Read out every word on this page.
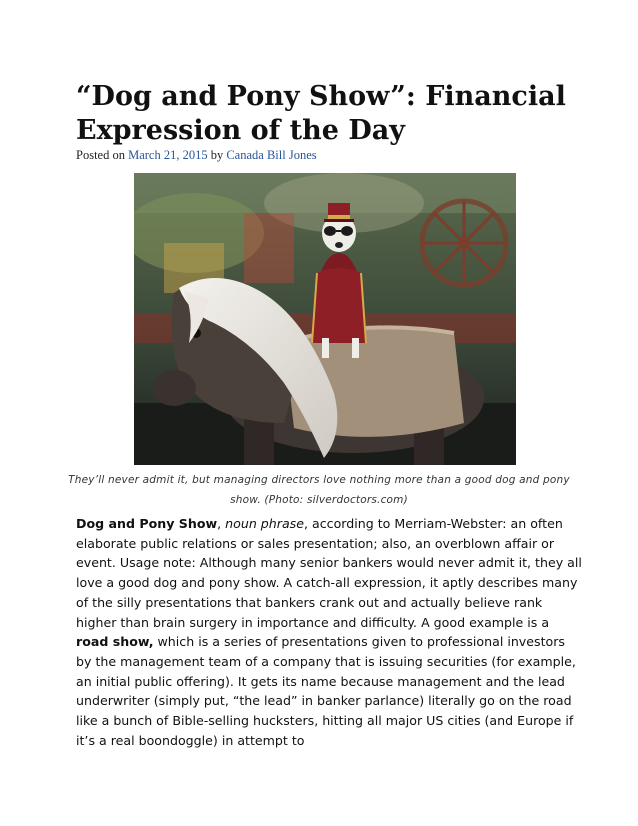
“Dog and Pony Show”: Financial Expression of the Day
Posted on March 21, 2015 by Canada Bill Jones
They’ll never admit it, but managing directors love nothing more than a good dog and pony show. (Photo: silverdoctors.com)

Dog and Pony Show, noun phrase, according to Merriam-Webster: an often elaborate public relations or sales presentation; also, an overblown affair or event. Usage note: Although many senior bankers would never admit it, they all love a good dog and pony show. A catch-all expression, it aptly describes many of the silly presentations that bankers crank out and actually believe rank higher than brain surgery in importance and difficulty. A good example is a road show, which is a series of presentations given to professional investors by the management team of a company that is issuing securities (for example, an initial public offering). It gets its name because management and the lead underwriter (simply put, “the lead” in banker parlance) literally go on the road like a bunch of Bible-selling hucksters, hitting all major US cities (and Europe if it’s a real boondoggle) in attempt to
